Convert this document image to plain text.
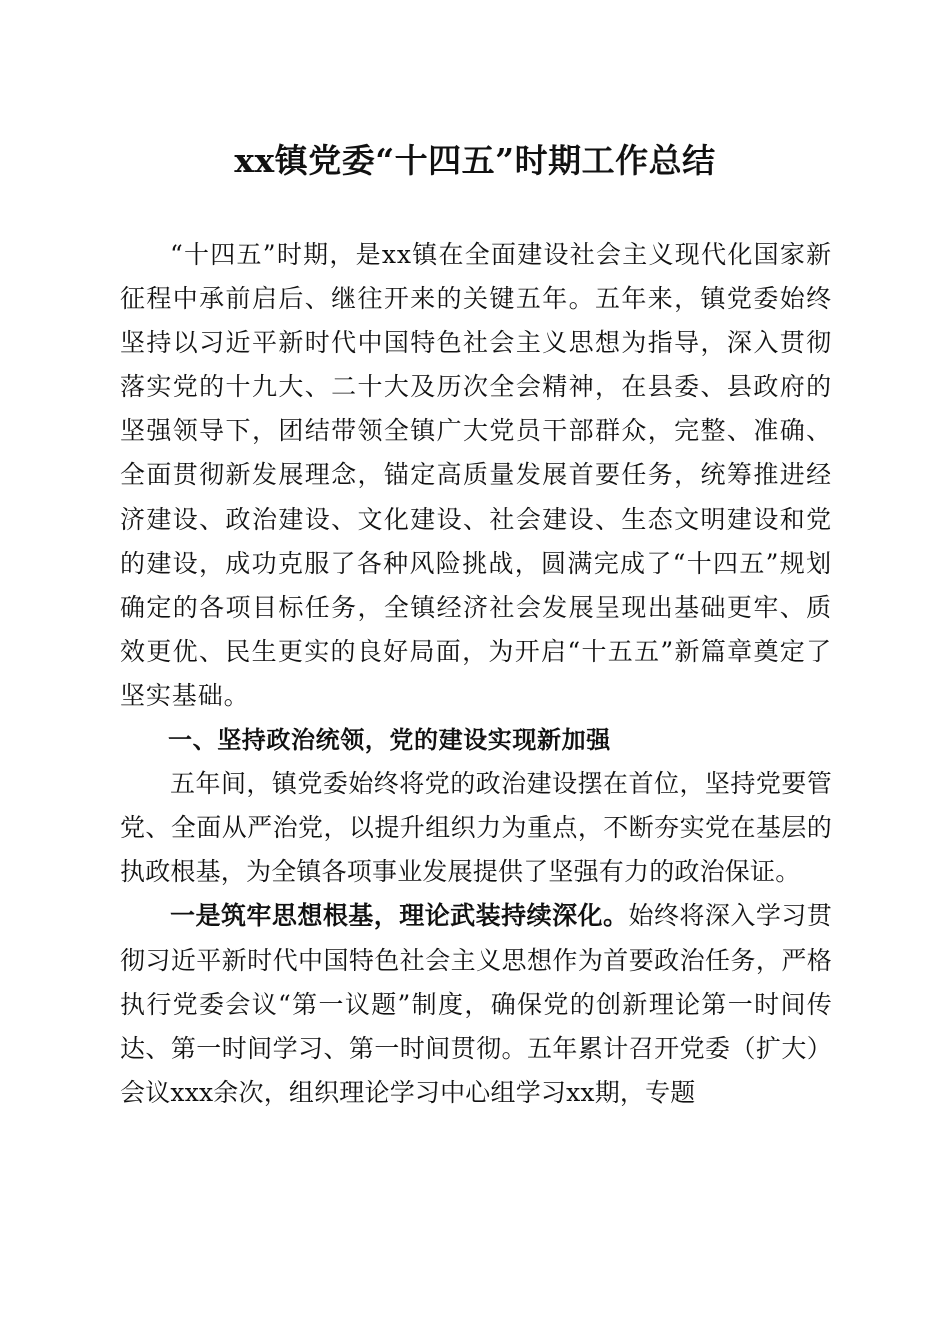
xx镇党委“十四五”时期工作总结

“十四五”时期，是xx镇在全面建设社会主义现代化国家新征程中承前启后、继往开来的关键五年。五年来，镇党委始终坚持以习近平新时代中国特色社会主义思想为指导，深入贯彻落实党的十九大、二十大及历次全会精神，在县委、县政府的坚强领导下，团结带领全镇广大党员干部群众，完整、准确、全面贯彻新发展理念，锚定高质量发展首要任务，统筹推进经济建设、政治建设、文化建设、社会建设、生态文明建设和党的建设，成功克服了各种风险挑战，圆满完成了“十四五”规划确定的各项目标任务，全镇经济社会发展呈现出基础更牢、质效更优、民生更实的良好局面，为开启“十五五”新篇章奠定了坚实基础。

一、坚持政治统领，党的建设实现新加强

五年间，镇党委始终将党的政治建设摆在首位，坚持党要管党、全面从严治党，以提升组织力为重点，不断夯实党在基层的执政根基，为全镇各项事业发展提供了坚强有力的政治保证。

一是筑牢思想根基，理论武装持续深化。始终将深入学习贯彻习近平新时代中国特色社会主义思想作为首要政治任务，严格执行党委会议“第一议题”制度，确保党的创新理论第一时间传达、第一时间学习、第一时间贯彻。五年累计召开党委（扩大）会议xxx余次，组织理论学习中心组学习xx期，专题
